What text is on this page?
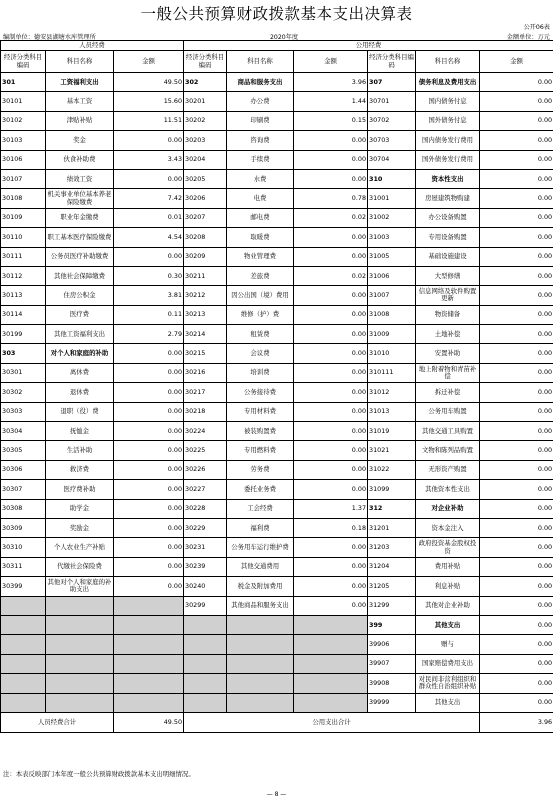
一般公共预算财政拨款基本支出决算表
公开06表
编制单位：德安县湖塘水库管理所	2020年度	金额单位：万元
人员经费			公用经费					
经济分类科目编码	科目名称	金额	经济分类科目编码	科目名称	金额	经济分类科目编码	科目名称	金额
301	工资福利支出	49.50	302	商品和服务支出	3.96	307	债务利息及费用支出	0.00
30101	基本工资	15.60	30201	办公费	1.44	30701	国内债务付息	0.00
30102	津贴补贴	11.51	30202	印刷费	0.15	30702	国外债务付息	0.00
30103	奖金	0.00	30203	咨询费	0.00	30703	国内债务发行费用	0.00
30106	伙食补助费	3.43	30204	手续费	0.00	30704	国外债务发行费用	0.00
30107	绩效工资	0.00	30205	水费	0.00	310	资本性支出	0.00
30108	机关事业单位基本养老保险缴费	7.42	30206	电费	0.78	31001	房屋建筑物购建	0.00
30109	职业年金缴费	0.01	30207	邮电费	0.02	31002	办公设备购置	0.00
30110	职工基本医疗保险缴费	4.54	30208	取暖费	0.00	31003	专用设备购置	0.00
30111	公务员医疗补助缴费	0.00	30209	物业管理费	0.00	31005	基础设施建设	0.00
30112	其他社会保障缴费	0.30	30211	差旅费	0.02	31006	大型修缮	0.00
30113	住房公积金	3.81	30212	因公出国（境）费用	0.00	31007	信息网络及软件购置更新	0.00
30114	医疗费	0.11	30213	维修（护）费	0.00	31008	物资储备	0.00
30199	其他工资福利支出	2.79	30214	租赁费	0.00	31009	土地补偿	0.00
303	对个人和家庭的补助	0.00	30215	会议费	0.00	31010	安置补助	0.00
30301	离休费	0.00	30216	培训费	0.00	310111	地上附着物和青苗补偿	0.00
30302	退休费	0.00	30217	公务接待费	0.00	31012	拆迁补偿	0.00
30303	退职（役）费	0.00	30218	专用材料费	0.00	31013	公务用车购置	0.00
30304	抚恤金	0.00	30224	被装购置费	0.00	31019	其他交通工具购置	0.00
30305	生活补助	0.00	30225	专用燃料费	0.00	31021	文物和陈列品购置	0.00
30306	救济费	0.00	30226	劳务费	0.00	31022	无形资产购置	0.00
30307	医疗费补助	0.00	30227	委托业务费	0.00	31099	其他资本性支出	0.00
30308	助学金	0.00	30228	工会经费	1.37	312	对企业补助	0.00
30309	奖励金	0.00	30229	福利费	0.18	31201	资本金注入	0.00
30310	个人农业生产补贴	0.00	30231	公务用车运行维护费	0.00	31203	政府投资基金股权投资	0.00
30311	代缴社会保险费	0.00	30239	其他交通费用	0.00	31204	费用补贴	0.00
30399	其他对个人和家庭的补助支出	0.00	30240	税金及附加费用	0.00	31205	利息补贴	0.00
			30299	其他商品和服务支出	0.00	31299	其他对企业补助	0.00
						399	其他支出	0.00
						39906	赠与	0.00
						39907	国家赔偿费用支出	0.00
						39908	对民间非营利组织和群众性自治组织补贴	0.00
						39999	其他支出	0.00
人员经费合计		49.50	公用支出合计					3.96
注：本表反映部门本年度一般公共预算财政拨款基本支出明细情况。
— 8 —
